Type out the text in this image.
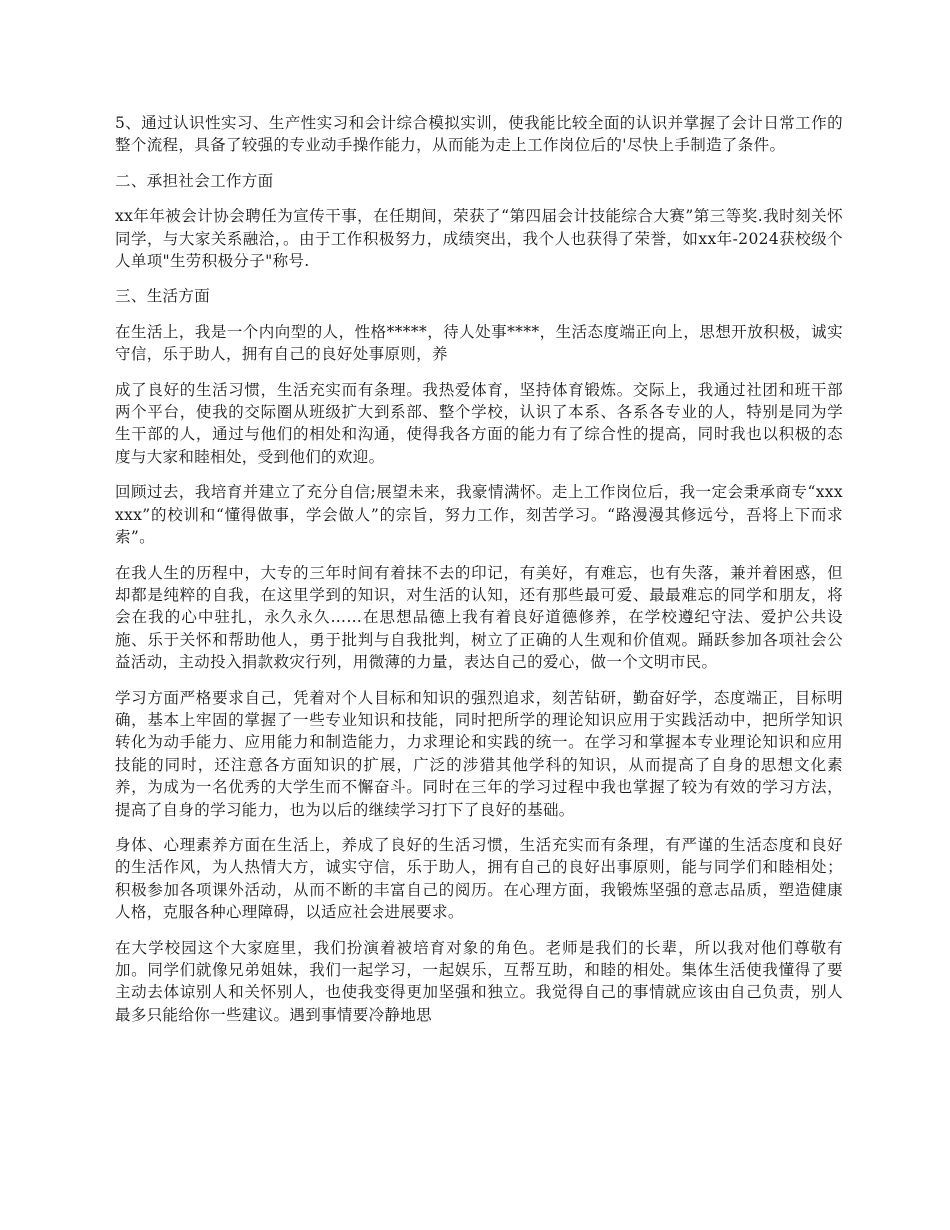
5、通过认识性实习、生产性实习和会计综合模拟实训，使我能比较全面的认识并掌握了会计日常工作的整个流程，具备了较强的专业动手操作能力，从而能为走上工作岗位后的'尽快上手制造了条件。

二、承担社会工作方面

xx年年被会计协会聘任为宣传干事，在任期间，荣获了“第四届会计技能综合大赛”第三等奖.我时刻关怀同学，与大家关系融洽，。由于工作积极努力，成绩突出，我个人也获得了荣誉，如xx年-2024获校级个人单项"生劳积极分子"称号.

三、生活方面

在生活上，我是一个内向型的人，性格*****，待人处事****，生活态度端正向上，思想开放积极，诚实守信，乐于助人，拥有自己的良好处事原则，养

成了良好的生活习惯，生活充实而有条理。我热爱体育，坚持体育锻炼。交际上，我通过社团和班干部两个平台，使我的交际圈从班级扩大到系部、整个学校，认识了本系、各系各专业的人，特别是同为学生干部的人，通过与他们的相处和沟通，使得我各方面的能力有了综合性的提高，同时我也以积极的态度与大家和睦相处，受到他们的欢迎。

回顾过去，我培育并建立了充分自信;展望未来，我豪情满怀。走上工作岗位后，我一定会秉承商专“xxxxxx”的校训和“懂得做事，学会做人”的宗旨，努力工作，刻苦学习。“路漫漫其修远兮，吾将上下而求索”。

在我人生的历程中，大专的三年时间有着抹不去的印记，有美好，有难忘，也有失落，兼并着困惑，但却都是纯粹的自我，在这里学到的知识，对生活的认知，还有那些最可爱、最最难忘的同学和朋友，将会在我的心中驻扎，永久永久……在思想品德上我有着良好道德修养，在学校遵纪守法、爱护公共设施、乐于关怀和帮助他人，勇于批判与自我批判，树立了正确的人生观和价值观。踊跃参加各项社会公益活动，主动投入捐款救灾行列，用微薄的力量，表达自己的爱心，做一个文明市民。

学习方面严格要求自己，凭着对个人目标和知识的强烈追求，刻苦钻研，勤奋好学，态度端正，目标明确，基本上牢固的掌握了一些专业知识和技能，同时把所学的理论知识应用于实践活动中，把所学知识转化为动手能力、应用能力和制造能力，力求理论和实践的统一。在学习和掌握本专业理论知识和应用技能的同时，还注意各方面知识的扩展，广泛的涉猎其他学科的知识，从而提高了自身的思想文化素养，为成为一名优秀的大学生而不懈奋斗。同时在三年的学习过程中我也掌握了较为有效的学习方法，提高了自身的学习能力，也为以后的继续学习打下了良好的基础。

身体、心理素养方面在生活上，养成了良好的生活习惯，生活充实而有条理，有严谨的生活态度和良好的生活作风，为人热情大方，诚实守信，乐于助人，拥有自己的良好出事原则，能与同学们和睦相处；积极参加各项课外活动，从而不断的丰富自己的阅历。在心理方面，我锻炼坚强的意志品质，塑造健康人格，克服各种心理障碍，以适应社会进展要求。

在大学校园这个大家庭里，我们扮演着被培育对象的角色。老师是我们的长辈，所以我对他们尊敬有加。同学们就像兄弟姐妹，我们一起学习，一起娱乐，互帮互助，和睦的相处。集体生活使我懂得了要主动去体谅别人和关怀别人，也使我变得更加坚强和独立。我觉得自己的事情就应该由自己负责，别人最多只能给你一些建议。遇到事情要冷静地思
